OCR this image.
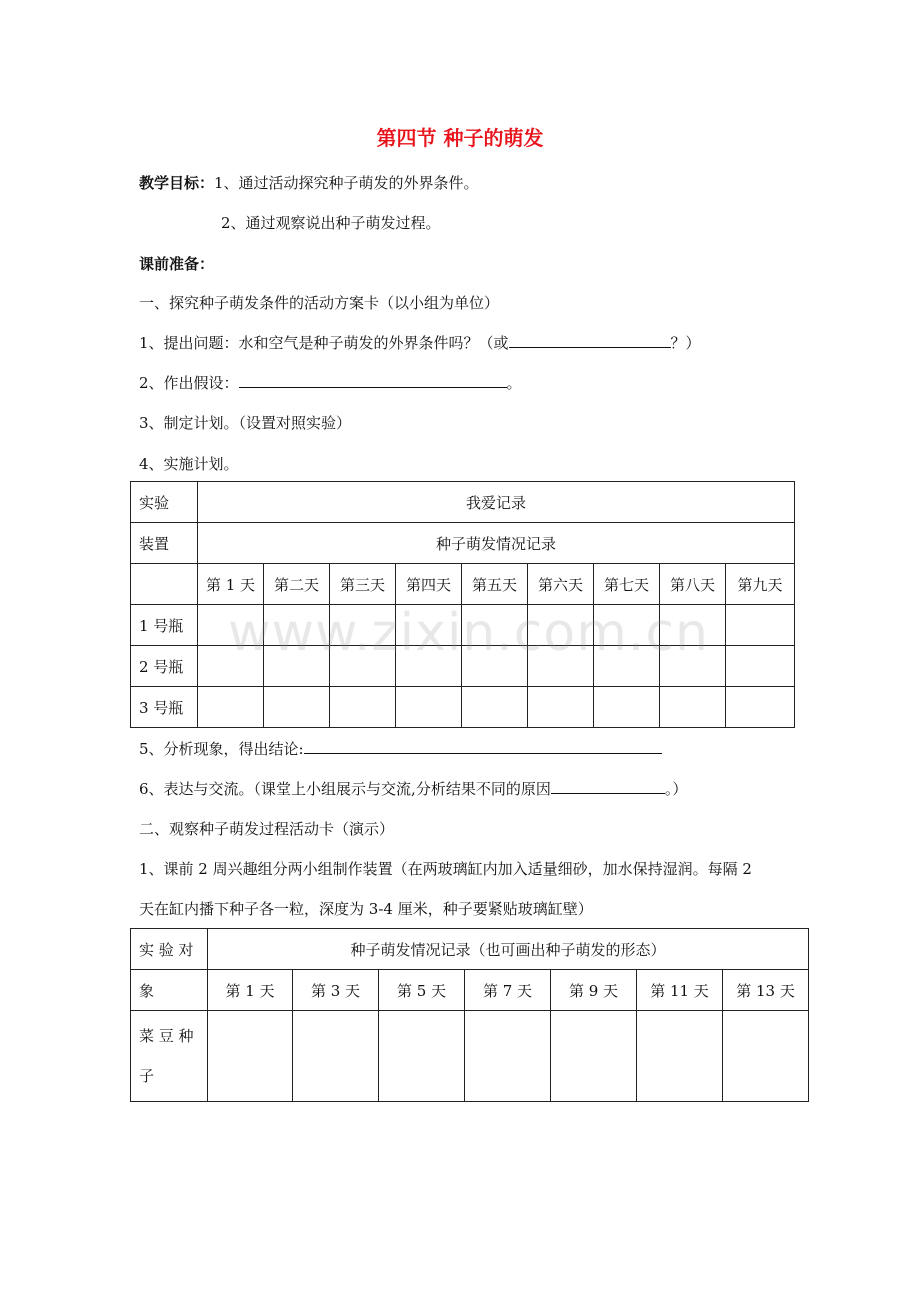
第四节 种子的萌发
教学目标：1、通过活动探究种子萌发的外界条件。
2、通过观察说出种子萌发过程。
课前准备：
一、探究种子萌发条件的活动方案卡（以小组为单位）
1、提出问题：水和空气是种子萌发的外界条件吗？（或	？）
2、作出假设：	。
3、制定计划。（设置对照实验）
4、实施计划。
实验	我爱记录								
装置	种子萌发情况记录								
	第 1 天	第二天	第三天	第四天	第五天	第六天	第七天	第八天	第九天
1 号瓶									
2 号瓶									
3 号瓶									
5、分析现象，得出结论:
6、表达与交流。（课堂上小组展示与交流,分析结果不同的原因	。）
二、观察种子萌发过程活动卡（演示）
1、课前 2 周兴趣组分两小组制作装置（在两玻璃缸内加入适量细砂，加水保持湿润。每隔 2
天在缸内播下种子各一粒，深度为 3-4 厘米，种子要紧贴玻璃缸壁）
实 验 对	种子萌发情况记录（也可画出种子萌发的形态）						
象	第 1 天	第 3 天	第 5 天	第 7 天	第 9 天	第 11 天	第 13 天

菜 豆 种
子							

www.zixin.com.cn
